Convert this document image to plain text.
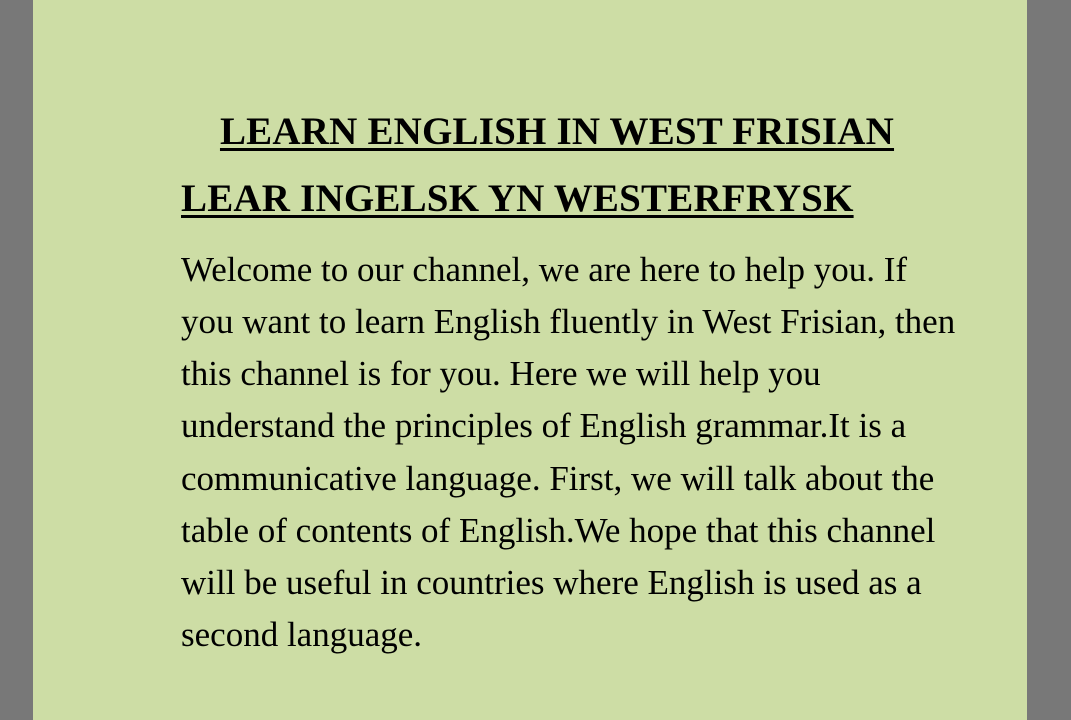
LEARN ENGLISH IN WEST FRISIAN
LEAR INGELSK YN WESTERFRYSK

Welcome to our channel, we are here to help you. If you want to learn English fluently in West Frisian, then this channel is for you. Here we will help you understand the principles of English grammar.It is a communicative language. First, we will talk about the table of contents of English.We hope that this channel will be useful in countries where English is used as a second language.
